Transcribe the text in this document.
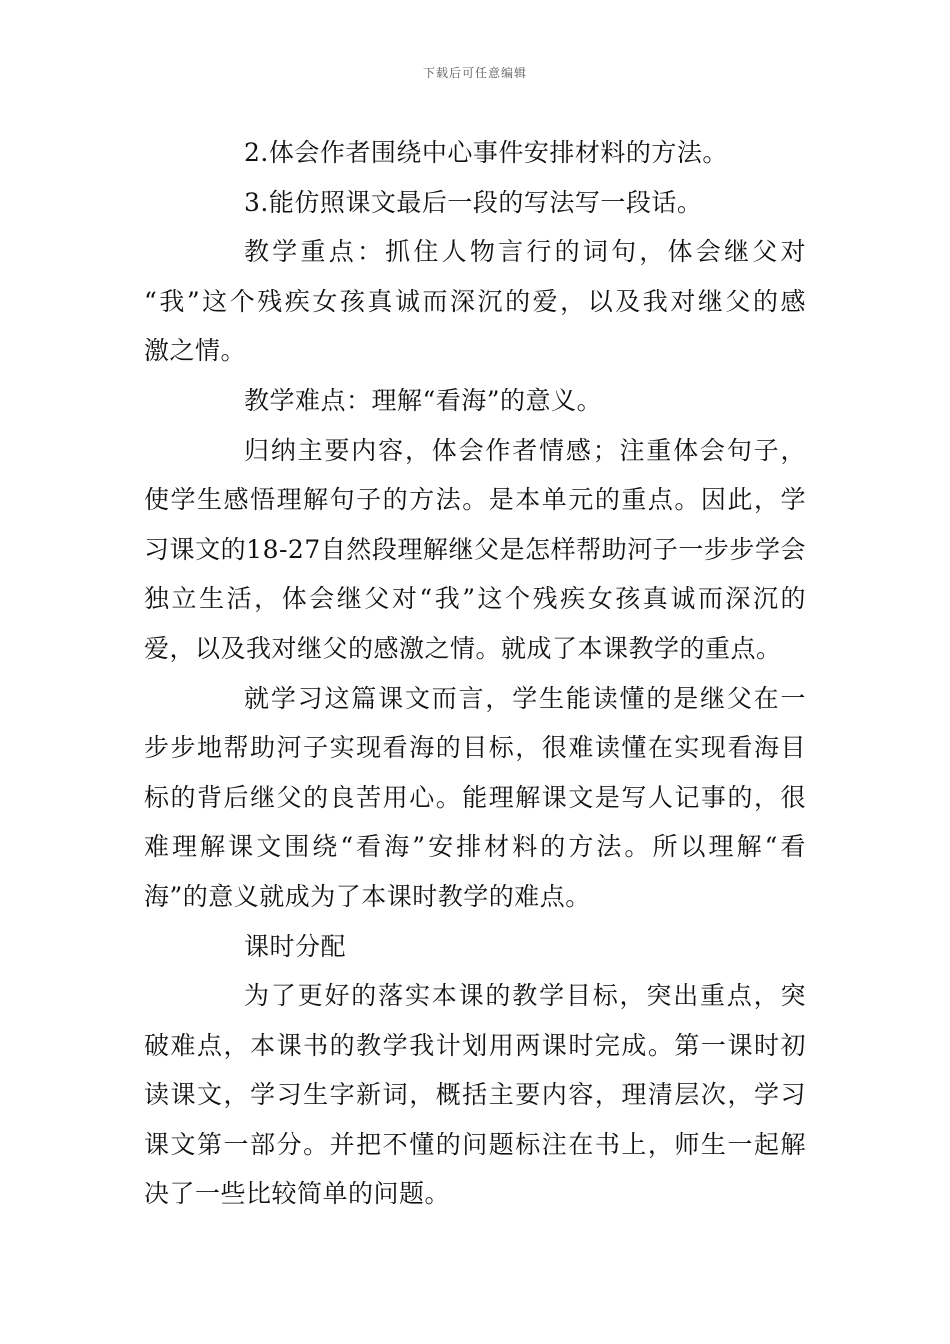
下载后可任意编辑
2.体会作者围绕中心事件安排材料的方法。
3.能仿照课文最后一段的写法写一段话。
教学重点：抓住人物言行的词句，体会继父对
“我”这个残疾女孩真诚而深沉的爱，以及我对继父的感
激之情。
教学难点：理解“看海”的意义。
归纳主要内容，体会作者情感；注重体会句子，
使学生感悟理解句子的方法。是本单元的重点。因此，学
习课文的18-27自然段理解继父是怎样帮助河子一步步学会
独立生活，体会继父对“我”这个残疾女孩真诚而深沉的
爱，以及我对继父的感激之情。就成了本课教学的重点。
就学习这篇课文而言，学生能读懂的是继父在一
步步地帮助河子实现看海的目标，很难读懂在实现看海目
标的背后继父的良苦用心。能理解课文是写人记事的，很
难理解课文围绕“看海”安排材料的方法。所以理解“看
海”的意义就成为了本课时教学的难点。
课时分配
为了更好的落实本课的教学目标，突出重点，突
破难点，本课书的教学我计划用两课时完成。第一课时初
读课文，学习生字新词，概括主要内容，理清层次，学习
课文第一部分。并把不懂的问题标注在书上，师生一起解
决了一些比较简单的问题。
